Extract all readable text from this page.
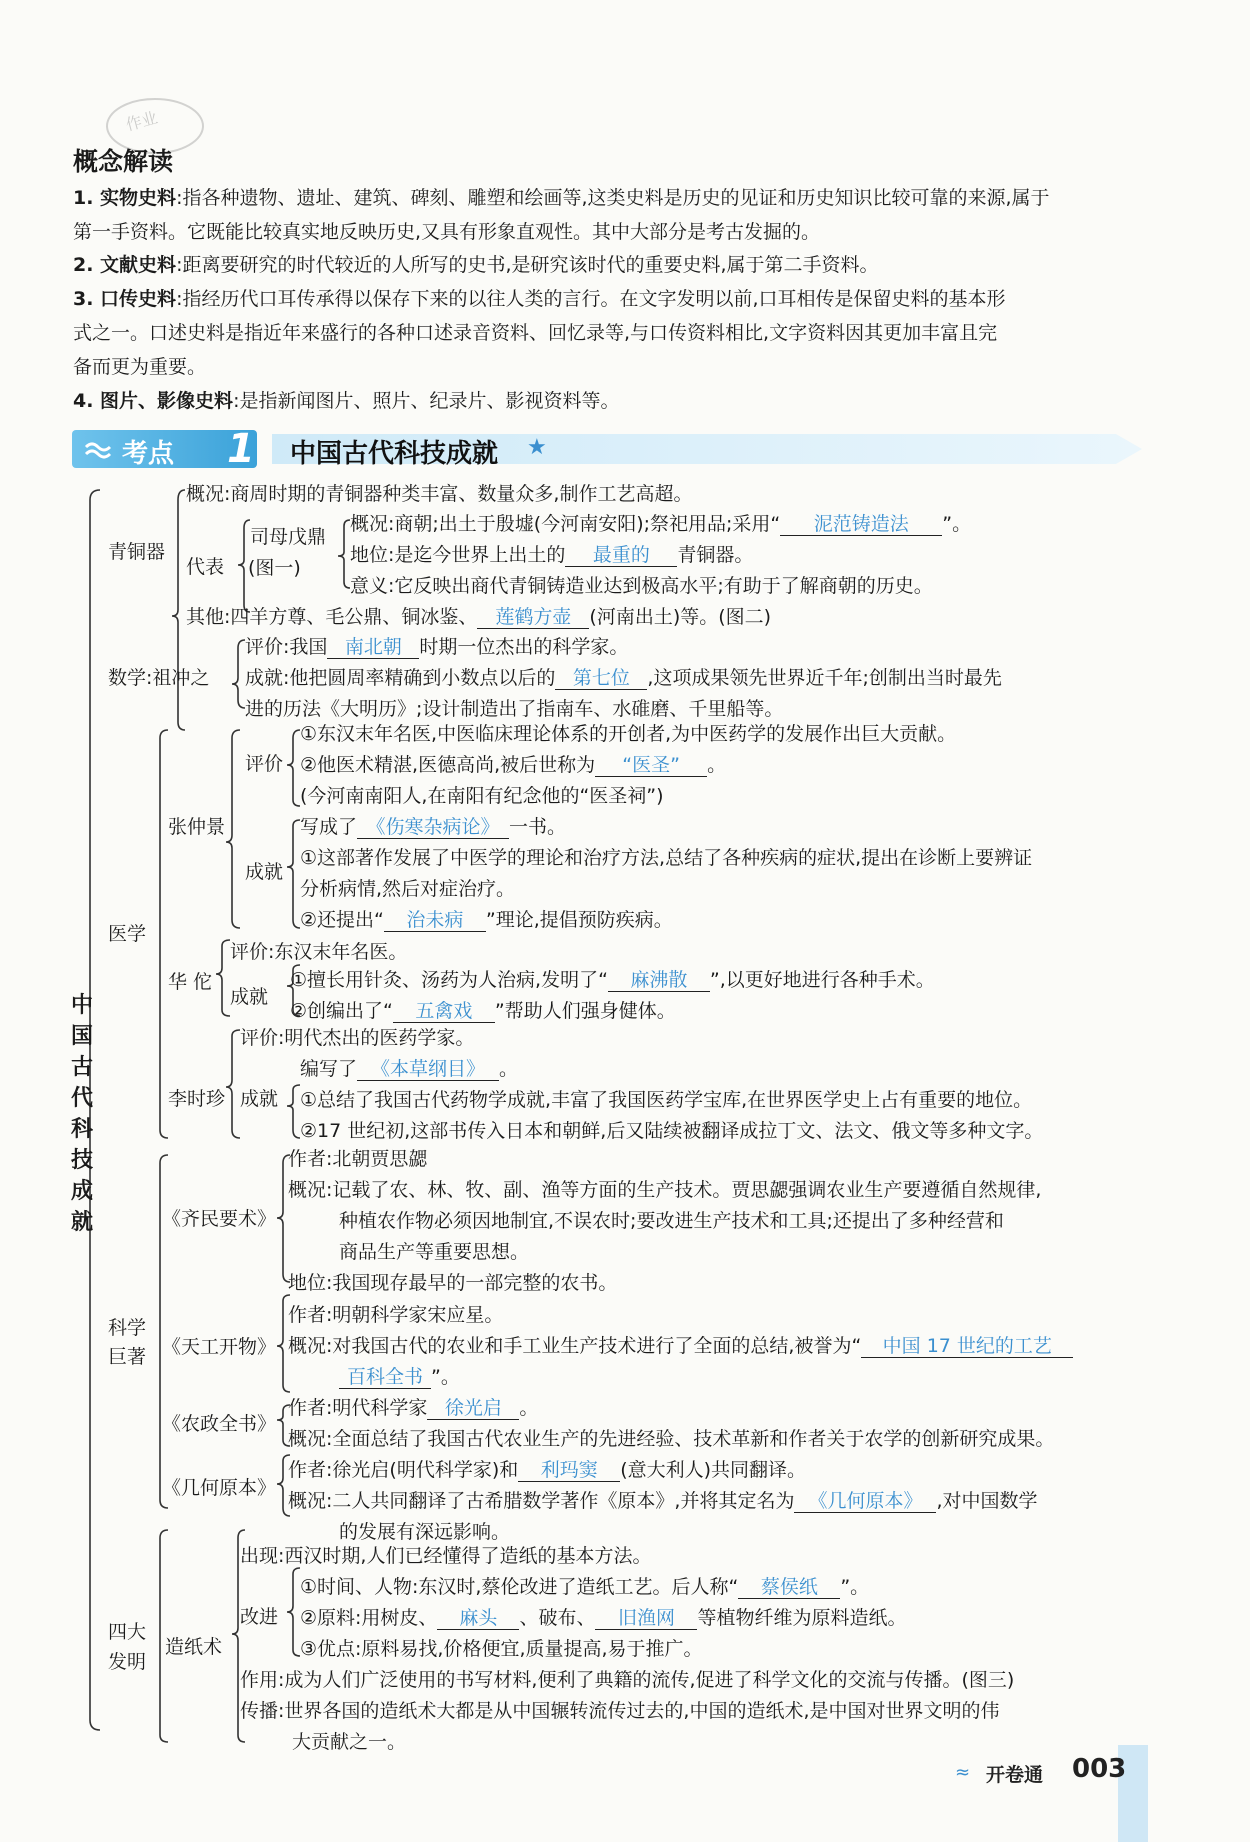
作业
概念解读
1. 实物史料:指各种遗物、遗址、建筑、碑刻、雕塑和绘画等,这类史料是历史的见证和历史知识比较可靠的来源,属于
第一手资料。它既能比较真实地反映历史,又具有形象直观性。其中大部分是考古发掘的。
2. 文献史料:距离要研究的时代较近的人所写的史书,是研究该时代的重要史料,属于第二手资料。
3. 口传史料:指经历代口耳传承得以保存下来的以往人类的言行。在文字发明以前,口耳相传是保留史料的基本形
式之一。口述史料是指近年来盛行的各种口述录音资料、回忆录等,与口传资料相比,文字资料因其更加丰富且完
备而更为重要。
4. 图片、影像史料:是指新闻图片、照片、纪录片、影视资料等。
考点 1 中国古代科技成就 ★
中国古代科技成就
青铜器
概况:商周时期的青铜器种类丰富、数量众多,制作工艺高超。
代表
司母戊鼎
(图一)
概况:商朝;出土于殷墟(今河南安阳);祭祀用品;采用“ 泥范铸造法 ”。
地位:是迄今世界上出土的 最重的 青铜器。
意义:它反映出商代青铜铸造业达到极高水平;有助于了解商朝的历史。
其他:四羊方尊、毛公鼎、铜冰鉴、 莲鹤方壶 (河南出土)等。(图二)
数学:祖冲之
评价:我国 南北朝 时期一位杰出的科学家。
成就:他把圆周率精确到小数点以后的 第七位 ,这项成果领先世界近千年;创制出当时最先
进的历法《大明历》;设计制造出了指南车、水碓磨、千里船等。
医学
张仲景
评价
①东汉末年名医,中医临床理论体系的开创者,为中医药学的发展作出巨大贡献。
②他医术精湛,医德高尚,被后世称为 “医圣” 。
(今河南南阳人,在南阳有纪念他的“医圣祠”)
写成了 《伤寒杂病论》 一书。
成就
①这部著作发展了中医学的理论和治疗方法,总结了各种疾病的症状,提出在诊断上要辨证
分析病情,然后对症治疗。
②还提出“ 治未病 ”理论,提倡预防疾病。
华 佗
评价:东汉末年名医。
成就
①擅长用针灸、汤药为人治病,发明了“ 麻沸散 ”,以更好地进行各种手术。
②创编出了“ 五禽戏 ”帮助人们强身健体。
李时珍
评价:明代杰出的医药学家。
成就
编写了 《本草纲目》 。
①总结了我国古代药物学成就,丰富了我国医药学宝库,在世界医学史上占有重要的地位。
②17 世纪初,这部书传入日本和朝鲜,后又陆续被翻译成拉丁文、法文、俄文等多种文字。
科学
巨著
《齐民要术》
作者:北朝贾思勰
概况:记载了农、林、牧、副、渔等方面的生产技术。贾思勰强调农业生产要遵循自然规律,
种植农作物必须因地制宜,不误农时;要改进生产技术和工具;还提出了多种经营和
商品生产等重要思想。
地位:我国现存最早的一部完整的农书。
《天工开物》
作者:明朝科学家宋应星。
概况:对我国古代的农业和手工业生产技术进行了全面的总结,被誉为“ 中国 17 世纪的工艺
百科全书 ”。
《农政全书》
作者:明代科学家 徐光启 。
概况:全面总结了我国古代农业生产的先进经验、技术革新和作者关于农学的创新研究成果。
《几何原本》
作者:徐光启(明代科学家)和 利玛窦 (意大利人)共同翻译。
概况:二人共同翻译了古希腊数学著作《原本》,并将其定名为 《几何原本》 ,对中国数学
的发展有深远影响。
四大
发明
造纸术
出现:西汉时期,人们已经懂得了造纸的基本方法。
改进
①时间、人物:东汉时,蔡伦改进了造纸工艺。后人称“ 蔡侯纸 ”。
②原料:用树皮、 麻头 、破布、 旧渔网 等植物纤维为原料造纸。
③优点:原料易找,价格便宜,质量提高,易于推广。
作用:成为人们广泛使用的书写材料,便利了典籍的流传,促进了科学文化的交流与传播。(图三)
传播:世界各国的造纸术大都是从中国辗转流传过去的,中国的造纸术,是中国对世界文明的伟
大贡献之一。
≈ 开卷通 003
